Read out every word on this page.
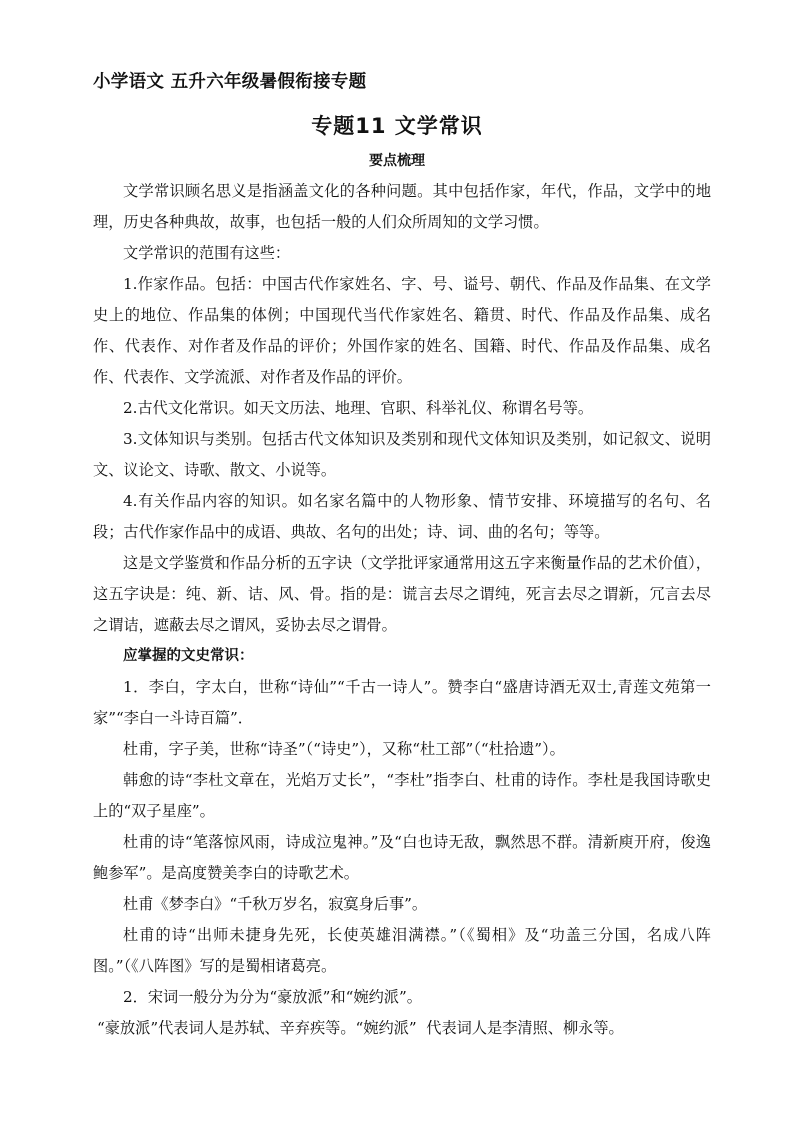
小学语文 五升六年级暑假衔接专题
专题11 文学常识
要点梳理

文学常识顾名思义是指涵盖文化的各种问题。其中包括作家，年代，作品，文学中的地理，历史各种典故，故事，也包括一般的人们众所周知的文学习惯。

文学常识的范围有这些：

1.作家作品。包括：中国古代作家姓名、字、号、谥号、朝代、作品及作品集、在文学史上的地位、作品集的体例；中国现代当代作家姓名、籍贯、时代、作品及作品集、成名作、代表作、对作者及作品的评价；外国作家的姓名、国籍、时代、作品及作品集、成名作、代表作、文学流派、对作者及作品的评价。

2.古代文化常识。如天文历法、地理、官职、科举礼仪、称谓名号等。

3.文体知识与类别。包括古代文体知识及类别和现代文体知识及类别，如记叙文、说明文、议论文、诗歌、散文、小说等。

4.有关作品内容的知识。如名家名篇中的人物形象、情节安排、环境描写的名句、名段；古代作家作品中的成语、典故、名句的出处；诗、词、曲的名句；等等。

这是文学鉴赏和作品分析的五字诀（文学批评家通常用这五字来衡量作品的艺术价值），这五字诀是：纯、新、诘、风、骨。指的是：谎言去尽之谓纯，死言去尽之谓新，冗言去尽之谓诘，遮蔽去尽之谓风，妥协去尽之谓骨。

应掌握的文史常识：

1．李白，字太白，世称“诗仙”“千古一诗人”。赞李白“盛唐诗酒无双士,青莲文苑第一家”“李白一斗诗百篇”．

杜甫，字子美，世称“诗圣”（“诗史”），又称“杜工部”（“杜拾遗”）。

韩愈的诗“李杜文章在，光焰万丈长”，“李杜”指李白、杜甫的诗作。李杜是我国诗歌史上的“双子星座”。

杜甫的诗“笔落惊风雨，诗成泣鬼神。”及“白也诗无敌，飘然思不群。清新庾开府，俊逸鲍参军”。是高度赞美李白的诗歌艺术。

杜甫《梦李白》“千秋万岁名，寂寞身后事”。

杜甫的诗“出师未捷身先死，长使英雄泪满襟。”（《蜀相》及“功盖三分国，名成八阵图。”（《八阵图》写的是蜀相诸葛亮。

2．宋词一般分为分为“豪放派”和“婉约派”。

“豪放派”代表词人是苏轼、辛弃疾等。“婉约派”  代表词人是李清照、柳永等。
